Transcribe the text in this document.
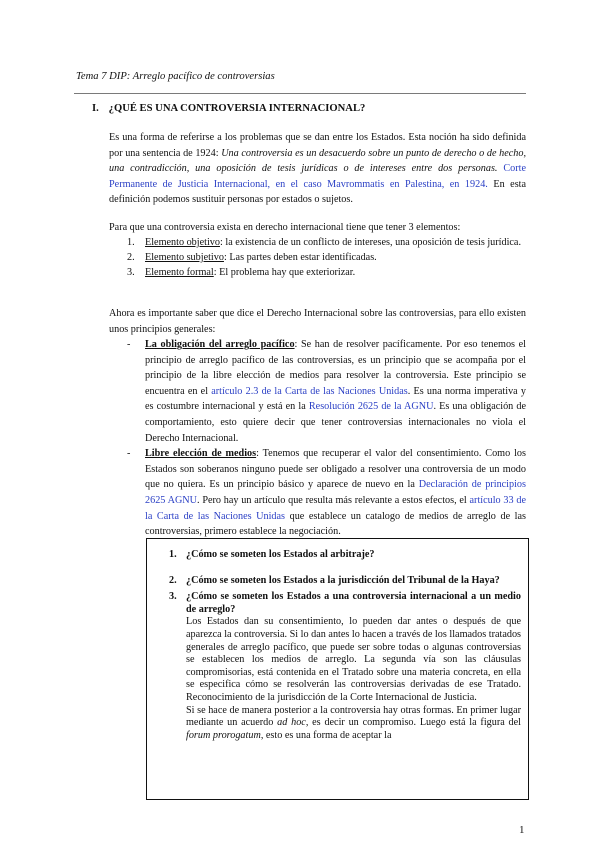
Tema 7 DIP: Arreglo pacífico de controversias
I. ¿QUÉ ES UNA CONTROVERSIA INTERNACIONAL?

Es una forma de referirse a los problemas que se dan entre los Estados. Esta noción ha sido definida por una sentencia de 1924: Una controversia es un desacuerdo sobre un punto de derecho o de hecho, una contradicción, una oposición de tesis jurídicas o de intereses entre dos personas. Corte Permanente de Justicia Internacional, en el caso Mavrommatis en Palestina, en 1924. En esta definición podemos sustituir personas por estados o sujetos.

Para que una controversia exista en derecho internacional tiene que tener 3 elementos:

1. Elemento objetivo: la existencia de un conflicto de intereses, una oposición de tesis jurídica.
2. Elemento subjetivo: Las partes deben estar identificadas.
3. Elemento formal: El problema hay que exteriorizar.

Ahora es importante saber que dice el Derecho Internacional sobre las controversias, para ello existen unos principios generales:

- La obligación del arreglo pacífico: Se han de resolver pacíficamente. Por eso tenemos el principio de arreglo pacífico de las controversias, es un principio que se acompaña por el principio de la libre elección de medios para resolver la controversia. Este principio se encuentra en el artículo 2.3 de la Carta de las Naciones Unidas. Es una norma imperativa y es costumbre internacional y está en la Resolución 2625 de la AGNU. Es una obligación de comportamiento, esto quiere decir que tener controversias internacionales no viola el Derecho Internacional.
- Libre elección de medios: Tenemos que recuperar el valor del consentimiento. Como los Estados son soberanos ninguno puede ser obligado a resolver una controversia de un modo que no quiera. Es un principio básico y aparece de nuevo en la Declaración de principios 2625 AGNU. Pero hay un artículo que resulta más relevante a estos efectos, el artículo 33 de la Carta de las Naciones Unidas que establece un catalogo de medios de arreglo de las controversias, primero establece la negociación.
1. ¿Cómo se someten los Estados al arbitraje?
2. ¿Cómo se someten los Estados a la jurisdicción del Tribunal de la Haya?
3. ¿Cómo se someten los Estados a una controversia internacional a un medio de arreglo?

Los Estados dan su consentimiento, lo pueden dar antes o después de que aparezca la controversia. Si lo dan antes lo hacen a través de los llamados tratados generales de arreglo pacífico, que puede ser sobre todas o algunas controversias se establecen los medios de arreglo. La segunda vía son las cláusulas compromisorias, está contenida en el Tratado sobre una materia concreta, en ella se especifica cómo se resolverán las controversias derivadas de ese Tratado. Reconocimiento de la jurisdicción de la Corte Internacional de Justicia.

Si se hace de manera posterior a la controversia hay otras formas. En primer lugar mediante un acuerdo ad hoc, es decir un compromiso. Luego está la figura del forum prorogatum, esto es una forma de aceptar la

1
